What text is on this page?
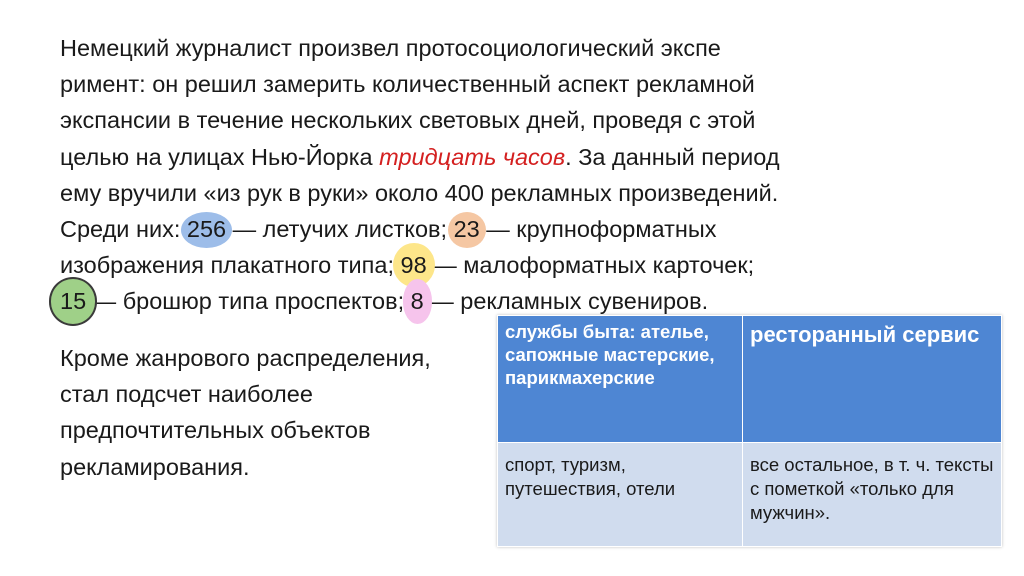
Немецкий журналист произвел протосоциологический экспе
римент: он решил замерить количественный аспект рекламной
экспансии в течение нескольких световых дней, проведя с этой
целью на улицах Нью-Йорка тридцать часов. За данный период
ему вручили «из рук в руки» около 400 рекламных произведений.
Среди них: 256 — летучих листков; 23 — крупноформатных
изображения плакатного типа; 98 — малоформатных карточек;
15 — брошюр типа проспектов; 8 — рекламных сувениров.
Кроме жанрового распределения,
стал подсчет наиболее
предпочтительных объектов
рекламирования.
службы быта: ателье, сапожные мастерские, парикмахерские	ресторанный сервис
спорт, туризм, путешествия, отели	все остальное, в т. ч. тексты с пометкой «только для мужчин».
